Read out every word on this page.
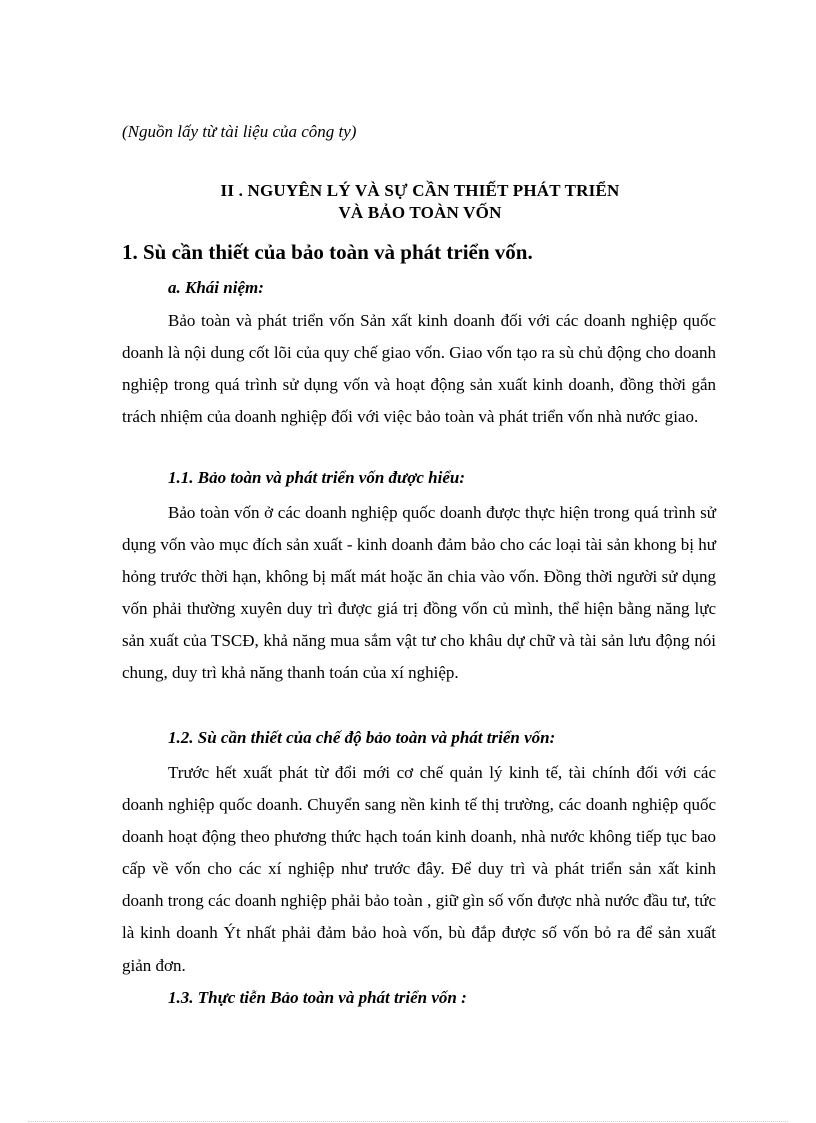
(Nguồn lấy từ tài liệu của công ty)
II . NGUYÊN LÝ VÀ SỰ CẦN THIẾT PHÁT TRIỂN
VÀ BẢO TOÀN VỐN
1. Sù cần thiết của bảo toàn và phát triển vốn.
a. Khái niệm:

Bảo toàn và phát triển vốn Sản xất kinh doanh đối với các doanh nghiệp quốc doanh là nội dung cốt lõi của quy chế giao vốn. Giao vốn tạo ra sù chủ động cho doanh nghiệp trong quá trình sử dụng vốn và hoạt động sản xuất kinh doanh, đồng thời gắn trách nhiệm của doanh nghiệp đối với việc bảo toàn và phát triển vốn nhà nước giao.

1.1. Bảo toàn và phát triển vốn được hiểu:

Bảo toàn vốn ở các doanh nghiệp quốc doanh được thực hiện trong quá trình sử dụng vốn vào mục đích sản xuất - kinh doanh đảm bảo cho các loại tài sản khong bị hư hỏng trước thời hạn, không bị mất mát hoặc ăn chia vào vốn. Đồng thời người sử dụng vốn phải thường xuyên duy trì được giá trị đồng vốn củ mình, thể hiện bằng năng lực sản xuất của TSCĐ, khả năng mua sắm vật tư cho khâu dự chữ và tài sản lưu động nói chung, duy trì khả năng thanh toán của xí nghiệp.

1.2. Sù cần thiết của chế độ bảo toàn và phát triển vốn:

Trước hết xuất phát từ đổi mới cơ chế quản lý kinh tế, tài chính đối với các doanh nghiệp quốc doanh. Chuyển sang nền kinh tế thị trường, các doanh nghiệp quốc doanh hoạt động theo phương thức hạch toán kinh doanh, nhà nước không tiếp tục bao cấp về vốn cho các xí nghiệp như trước đây. Để duy trì và phát triển sản xất kinh doanh trong các doanh nghiệp phải bảo toàn , giữ gìn số vốn được nhà nước đầu tư, tức là kinh doanh Ýt nhất phải đảm bảo hoà vốn, bù đắp được số vốn bỏ ra để sản xuất giản đơn.

1.3. Thực tiễn Bảo toàn và phát triển vốn :
